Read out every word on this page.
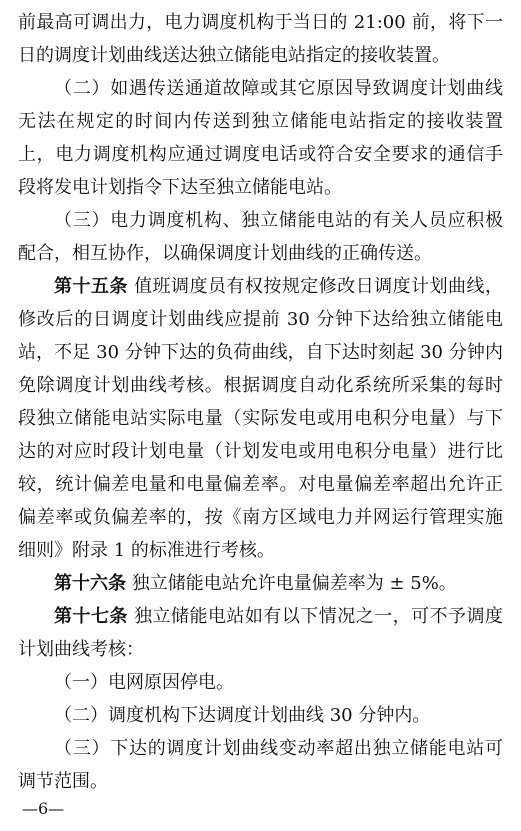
前最高可调出力，电力调度机构于当日的 21:00 前，将下一日的调度计划曲线送达独立储能电站指定的接收装置。

（二）如遇传送通道故障或其它原因导致调度计划曲线无法在规定的时间内传送到独立储能电站指定的接收装置上，电力调度机构应通过调度电话或符合安全要求的通信手段将发电计划指令下达至独立储能电站。

（三）电力调度机构、独立储能电站的有关人员应积极配合，相互协作，以确保调度计划曲线的正确传送。

第十五条 值班调度员有权按规定修改日调度计划曲线，修改后的日调度计划曲线应提前 30 分钟下达给独立储能电站，不足 30 分钟下达的负荷曲线，自下达时刻起 30 分钟内免除调度计划曲线考核。根据调度自动化系统所采集的每时段独立储能电站实际电量（实际发电或用电积分电量）与下达的对应时段计划电量（计划发电或用电积分电量）进行比较，统计偏差电量和电量偏差率。对电量偏差率超出允许正偏差率或负偏差率的，按《南方区域电力并网运行管理实施细则》附录 1 的标准进行考核。

第十六条 独立储能电站允许电量偏差率为 ± 5%。

第十七条 独立储能电站如有以下情况之一，可不予调度计划曲线考核：

（一）电网原因停电。

（二）调度机构下达调度计划曲线 30 分钟内。

（三）下达的调度计划曲线变动率超出独立储能电站可调节范围。

—6—
